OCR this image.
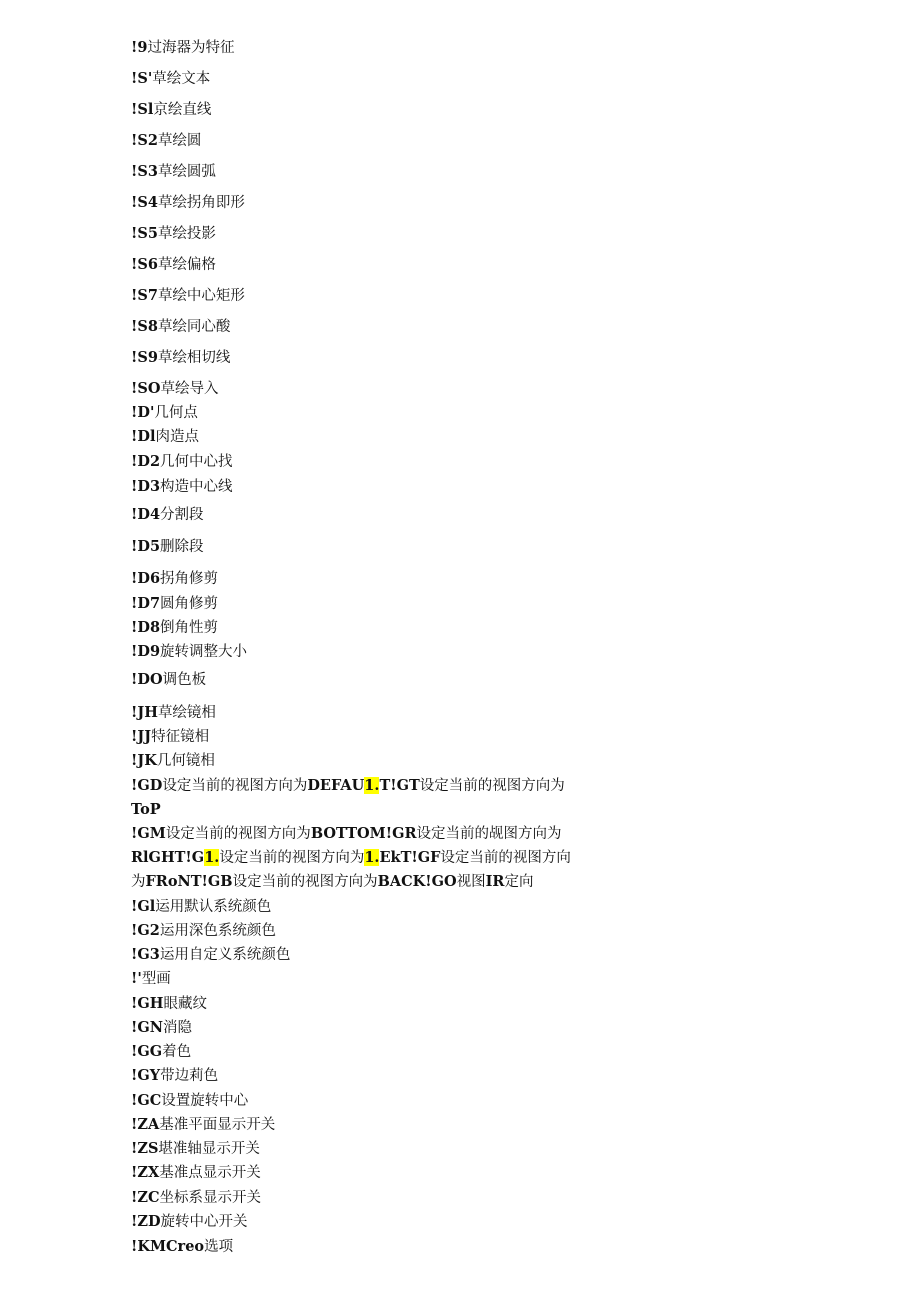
!9过海器为特征
!S'草绘文本
!Sl京绘直线
!S2草绘圆
!S3草绘圆弧
!S4草绘拐角即形
!S5草绘投影
!S6草绘偏格
!S7草绘中心矩形
!S8草绘同心酸
!S9草绘相切线
!SO草绘导入
!D'几何点
!Dl肉造点
!D2几何中心找
!D3构造中心线
!D4分割段
!D5删除段
!D6拐角修剪
!D7圆角修剪
!D8倒角性剪
!D9旋转调整大小
!DO调色板
!JH草绘镜相
!JJ特征镜相
!JK几何镜相
!GD设定当前的视图方向为DEFAU1.T!GT设定当前的视图方向为
ToP
!GM设定当前的视图方向为BOTTOM!GR设定当前的觇图方向为
RlGHT!G1.设定当前的视图方向为1.EkT!GF设定当前的视图方向
为FRoNT!GB设定当前的视图方向为BACK!GO视图IR定向
!Gl运用默认系统颜色
!G2运用深色系统颜色
!G3运用自定义系统颜色
!'型画
!GH眼藏纹
!GN消隐
!GG着色
!GY带边莉色
!GC设置旋转中心
!ZA基准平面显示开关
!ZS堪准轴显示开关
!ZX基准点显示开关
!ZC坐标系显示开关
!ZD旋转中心开关
!KMCreo选项
